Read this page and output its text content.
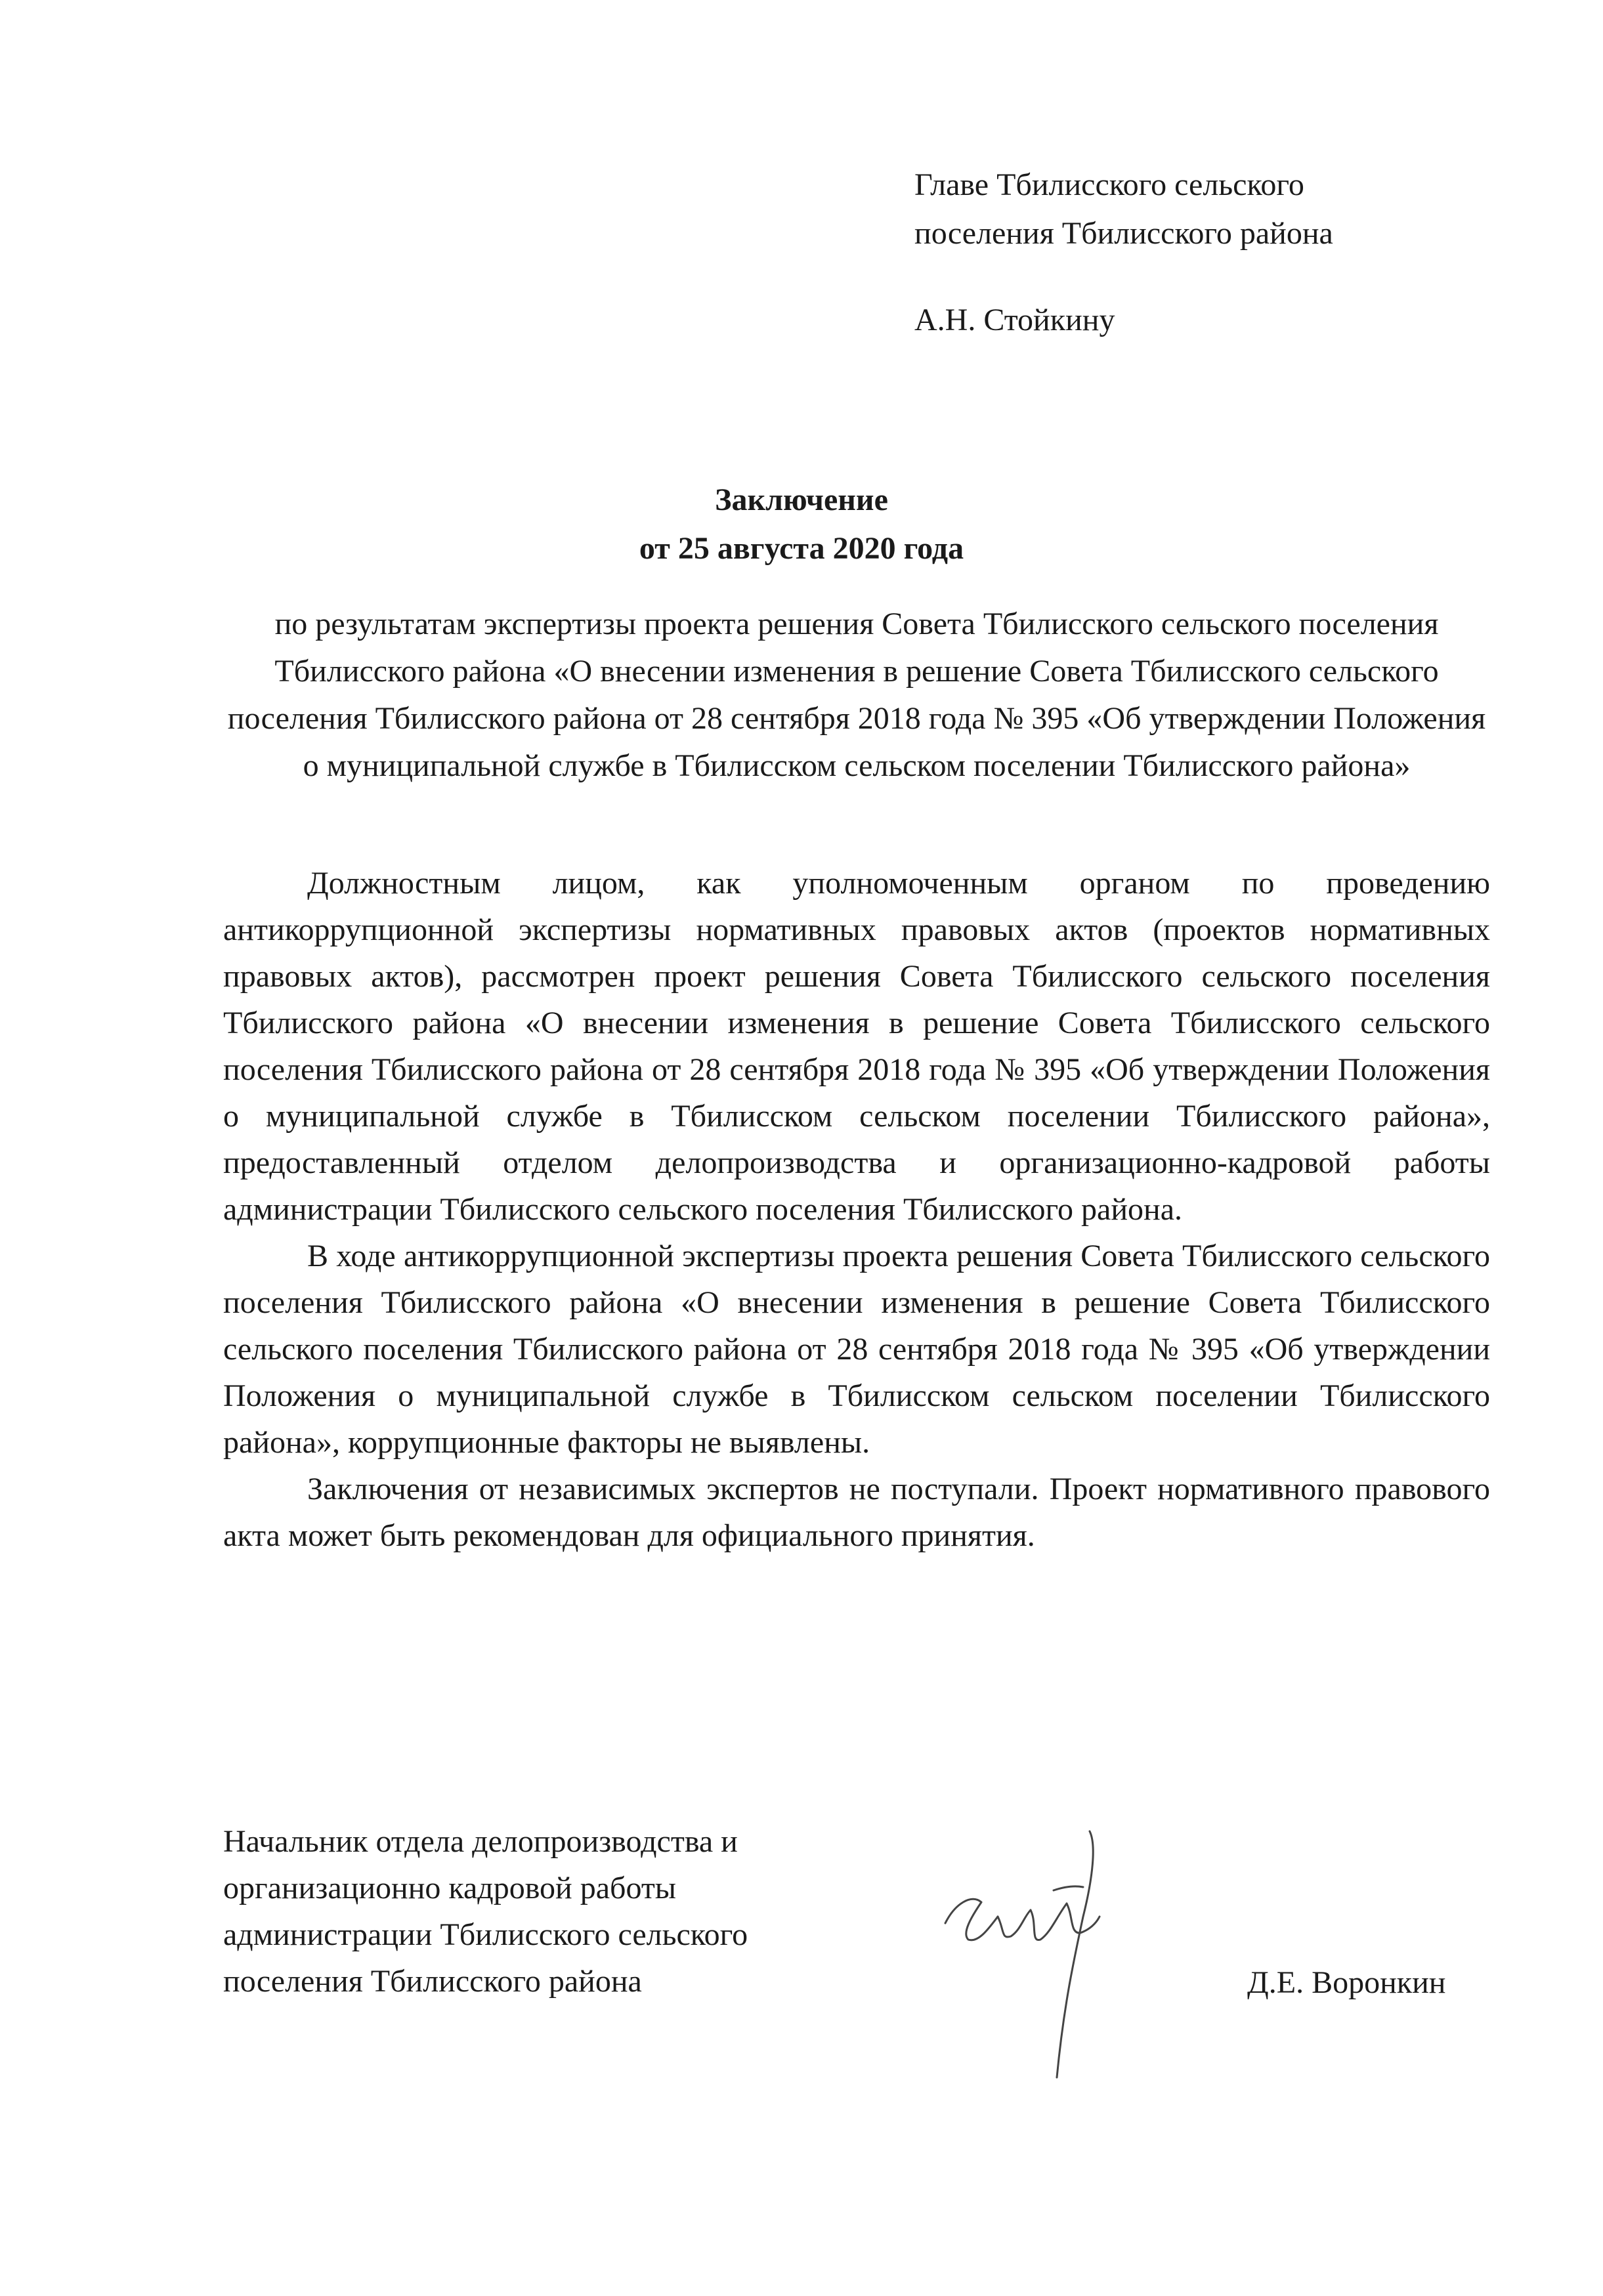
Главе Тбилисского сельского
поселения Тбилисского района
А.Н. Стойкину
Заключение
от 25 августа 2020 года
по результатам экспертизы проекта решения Совета Тбилисского сельского поселения Тбилисского района «О внесении изменения в решение Совета Тбилисского сельского поселения Тбилисского района от 28 сентября 2018 года № 395 «Об утверждении Положения о муниципальной службе в Тбилисском сельском поселении Тбилисского района»

Должностным лицом, как уполномоченным органом по проведению антикоррупционной экспертизы нормативных правовых актов (проектов нормативных правовых актов), рассмотрен проект решения Совета Тбилисского сельского поселения Тбилисского района «О внесении изменения в решение Совета Тбилисского сельского поселения Тбилисского района от 28 сентября 2018 года № 395 «Об утверждении Положения о муниципальной службе в Тбилисском сельском поселении Тбилисского района», предоставленный отделом делопроизводства и организационно-кадровой работы администрации Тбилисского сельского поселения Тбилисского района.

В ходе антикоррупционной экспертизы проекта решения Совета Тбилисского сельского поселения Тбилисского района «О внесении изменения в решение Совета Тбилисского сельского поселения Тбилисского района от 28 сентября 2018 года № 395 «Об утверждении Положения о муниципальной службе в Тбилисском сельском поселении Тбилисского района», коррупционные факторы не выявлены.

Заключения от независимых экспертов не поступали. Проект нормативного правового акта может быть рекомендован для официального принятия.

Начальник отдела делопроизводства и
организационно кадровой работы
администрации Тбилисского сельского
поселения Тбилисского района	Д.Е. Воронкин
